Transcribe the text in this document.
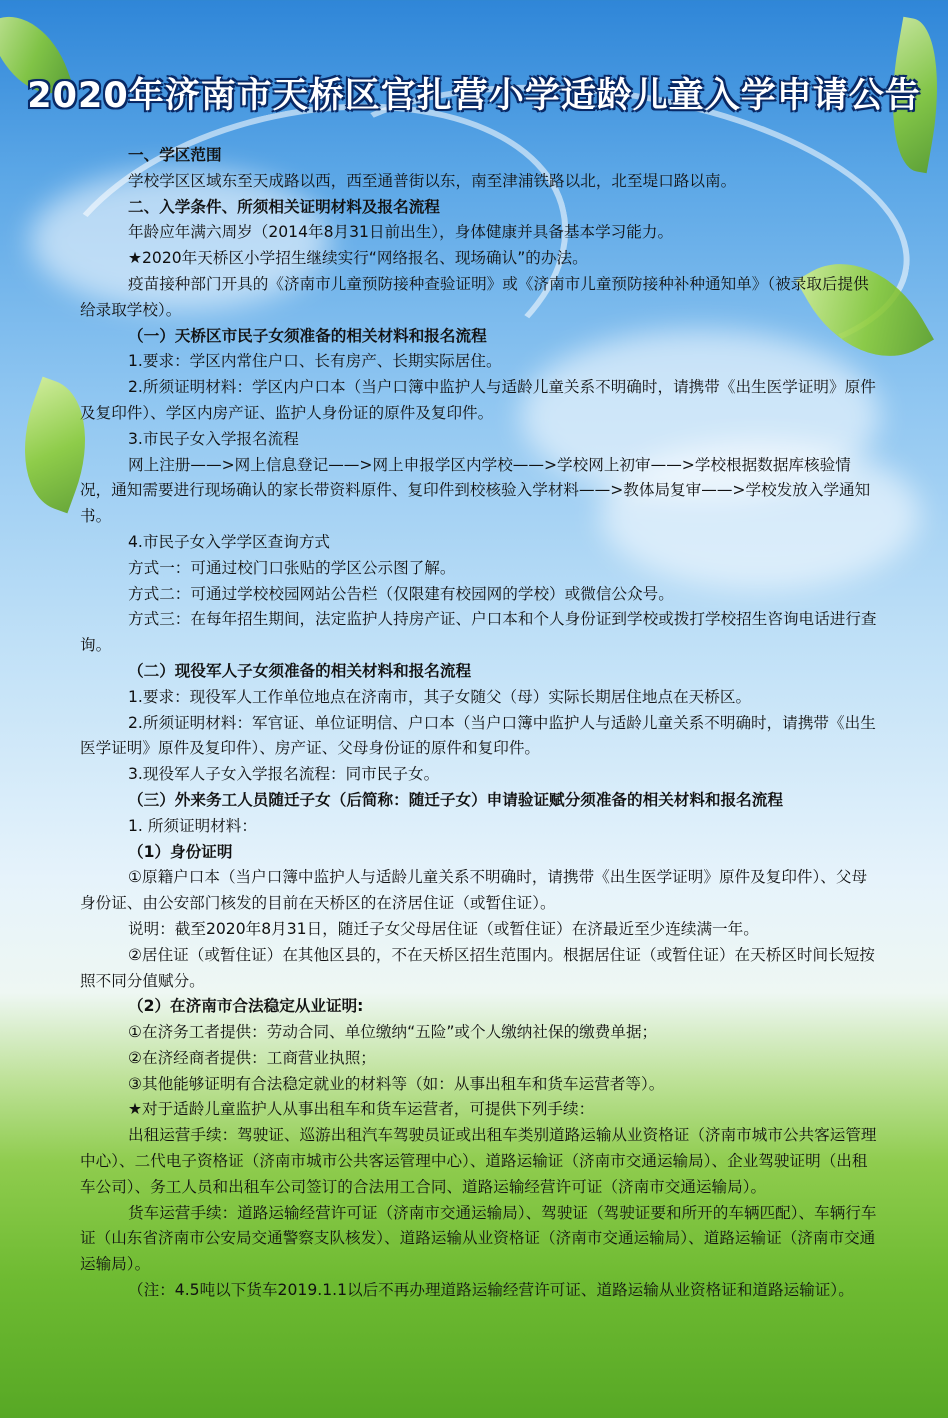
2020年济南市天桥区官扎营小学适龄儿童入学申请公告

一、学区范围

学校学区区域东至天成路以西，西至通普街以东，南至津浦铁路以北，北至堤口路以南。

二、入学条件、所须相关证明材料及报名流程

年龄应年满六周岁（2014年8月31日前出生），身体健康并具备基本学习能力。

★2020年天桥区小学招生继续实行“网络报名、现场确认”的办法。

疫苗接种部门开具的《济南市儿童预防接种查验证明》或《济南市儿童预防接种补种通知单》（被录取后提供给录取学校）。

（一）天桥区市民子女须准备的相关材料和报名流程

1.要求：学区内常住户口、长有房产、长期实际居住。

2.所须证明材料：学区内户口本（当户口簿中监护人与适龄儿童关系不明确时，请携带《出生医学证明》原件及复印件）、学区内房产证、监护人身份证的原件及复印件。

3.市民子女入学报名流程

网上注册——>网上信息登记——>网上申报学区内学校——>学校网上初审——>学校根据数据库核验情况，通知需要进行现场确认的家长带资料原件、复印件到校核验入学材料——>教体局复审——>学校发放入学通知书。

4.市民子女入学学区查询方式

方式一：可通过校门口张贴的学区公示图了解。

方式二：可通过学校校园网站公告栏（仅限建有校园网的学校）或微信公众号。

方式三：在每年招生期间，法定监护人持房产证、户口本和个人身份证到学校或拨打学校招生咨询电话进行查询。

（二）现役军人子女须准备的相关材料和报名流程

1.要求：现役军人工作单位地点在济南市，其子女随父（母）实际长期居住地点在天桥区。

2.所须证明材料：军官证、单位证明信、户口本（当户口簿中监护人与适龄儿童关系不明确时，请携带《出生医学证明》原件及复印件）、房产证、父母身份证的原件和复印件。

3.现役军人子女入学报名流程：同市民子女。

（三）外来务工人员随迁子女（后简称：随迁子女）申请验证赋分须准备的相关材料和报名流程

1. 所须证明材料：

（1）身份证明

①原籍户口本（当户口簿中监护人与适龄儿童关系不明确时，请携带《出生医学证明》原件及复印件）、父母身份证、由公安部门核发的目前在天桥区的在济居住证（或暂住证）。

说明：截至2020年8月31日，随迁子女父母居住证（或暂住证）在济最近至少连续满一年。

②居住证（或暂住证）在其他区县的，不在天桥区招生范围内。根据居住证（或暂住证）在天桥区时间长短按照不同分值赋分。

（2）在济南市合法稳定从业证明:

①在济务工者提供：劳动合同、单位缴纳“五险”或个人缴纳社保的缴费单据；

②在济经商者提供：工商营业执照；

③其他能够证明有合法稳定就业的材料等（如：从事出租车和货车运营者等）。

★对于适龄儿童监护人从事出租车和货车运营者，可提供下列手续：

出租运营手续：驾驶证、巡游出租汽车驾驶员证或出租车类别道路运输从业资格证（济南市城市公共客运管理中心）、二代电子资格证（济南市城市公共客运管理中心）、道路运输证（济南市交通运输局）、企业驾驶证明（出租车公司）、务工人员和出租车公司签订的合法用工合同、道路运输经营许可证（济南市交通运输局）。

货车运营手续：道路运输经营许可证（济南市交通运输局）、驾驶证（驾驶证要和所开的车辆匹配）、车辆行车证（山东省济南市公安局交通警察支队核发）、道路运输从业资格证（济南市交通运输局）、道路运输证（济南市交通运输局）。

（注：4.5吨以下货车2019.1.1以后不再办理道路运输经营许可证、道路运输从业资格证和道路运输证）。
